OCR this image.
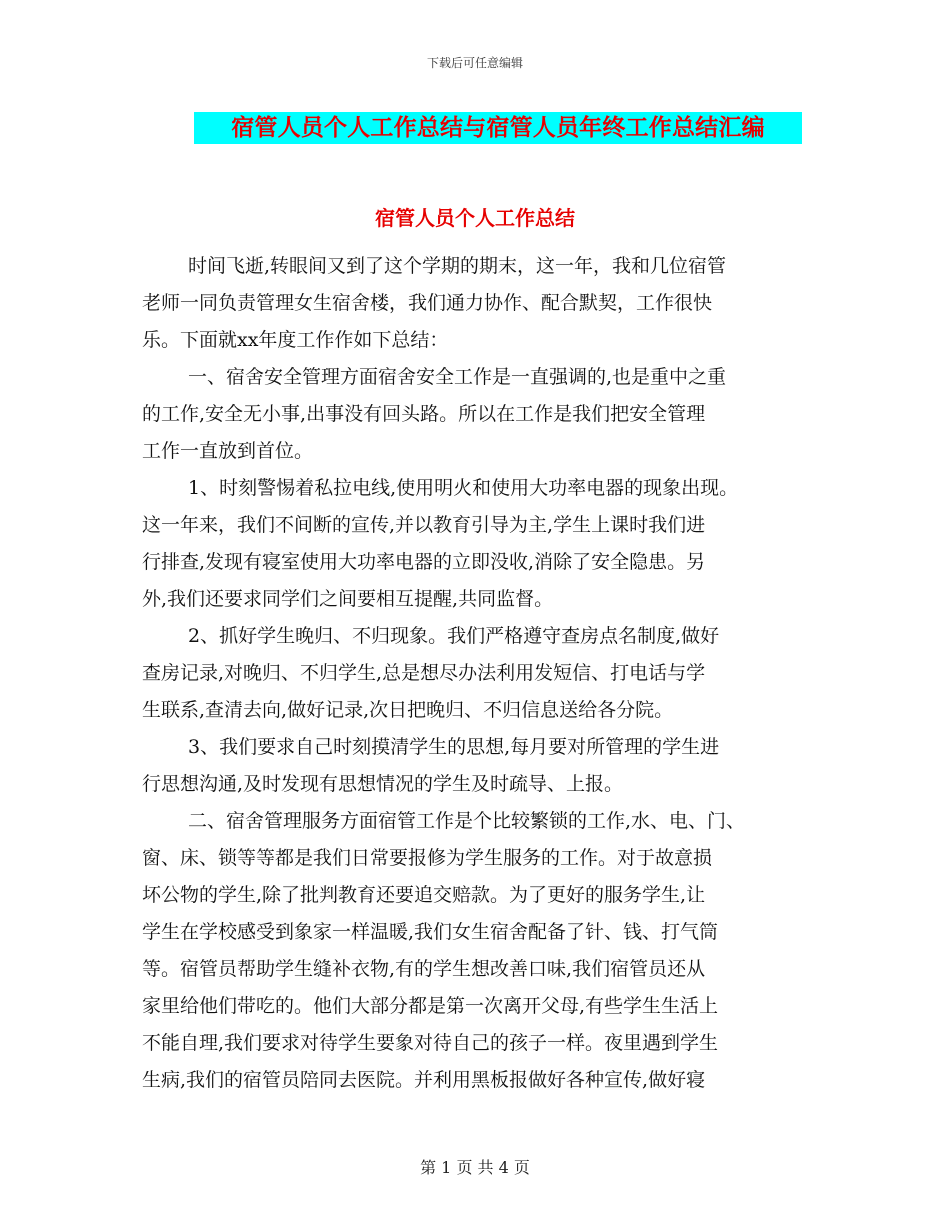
下载后可任意编辑
宿管人员个人工作总结与宿管人员年终工作总结汇编
宿管人员个人工作总结
时间飞逝,转眼间又到了这个学期的期末，这一年，我和几位宿管
老师一同负责管理女生宿舍楼，我们通力协作、配合默契，工作很快
乐。下面就xx年度工作作如下总结：
一、宿舍安全管理方面宿舍安全工作是一直强调的,也是重中之重
的工作,安全无小事,出事没有回头路。所以在工作是我们把安全管理
工作一直放到首位。
1、时刻警惕着私拉电线,使用明火和使用大功率电器的现象出现。
这一年来，我们不间断的宣传,并以教育引导为主,学生上课时我们进
行排查,发现有寝室使用大功率电器的立即没收,消除了安全隐患。另
外,我们还要求同学们之间要相互提醒,共同监督。
2、抓好学生晚归、不归现象。我们严格遵守查房点名制度,做好
查房记录,对晚归、不归学生,总是想尽办法利用发短信、打电话与学
生联系,查清去向,做好记录,次日把晚归、不归信息送给各分院。
3、我们要求自己时刻摸清学生的思想,每月要对所管理的学生进
行思想沟通,及时发现有思想情况的学生及时疏导、上报。
二、宿舍管理服务方面宿管工作是个比较繁锁的工作,水、电、门、
窗、床、锁等等都是我们日常要报修为学生服务的工作。对于故意损
坏公物的学生,除了批判教育还要追交赔款。为了更好的服务学生,让
学生在学校感受到象家一样温暖,我们女生宿舍配备了针、钱、打气筒
等。宿管员帮助学生缝补衣物,有的学生想改善口味,我们宿管员还从
家里给他们带吃的。他们大部分都是第一次离开父母,有些学生生活上
不能自理,我们要求对待学生要象对待自己的孩子一样。夜里遇到学生
生病,我们的宿管员陪同去医院。并利用黑板报做好各种宣传,做好寝
第 1 页 共 4 页
